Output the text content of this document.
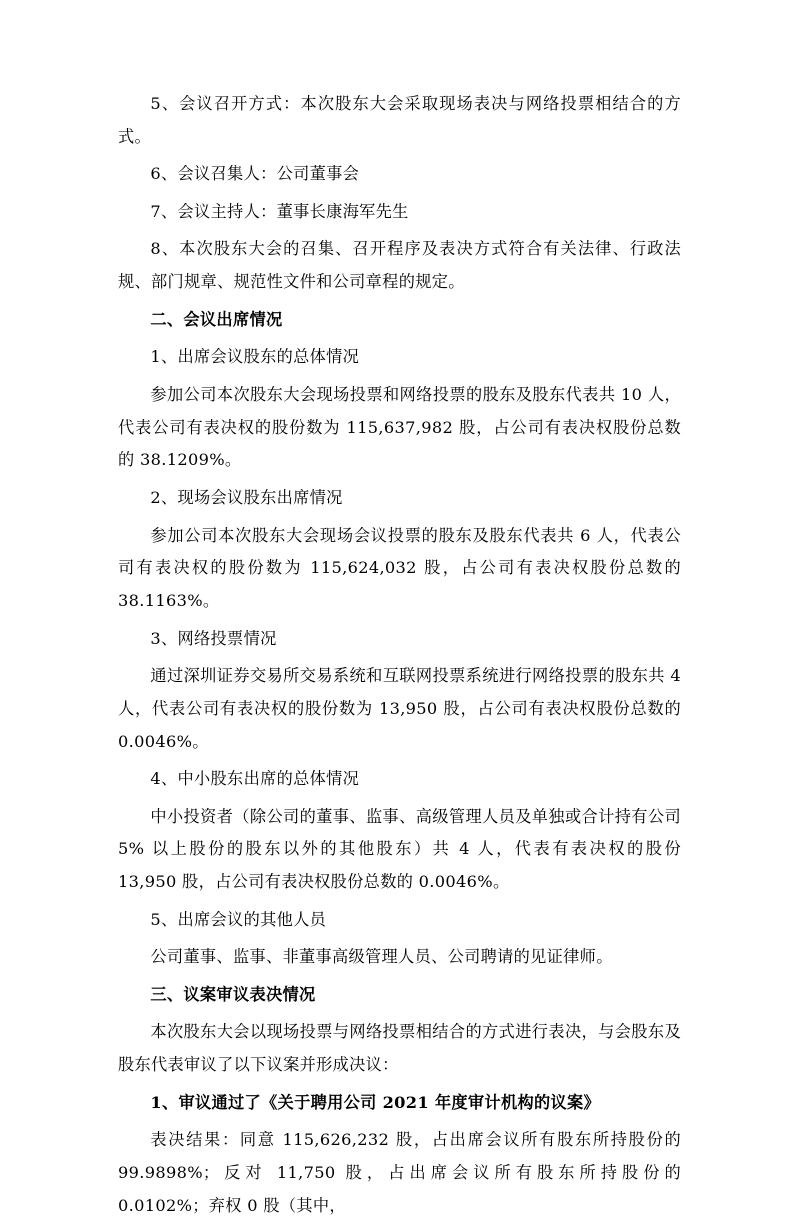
5、会议召开方式：本次股东大会采取现场表决与网络投票相结合的方式。

6、会议召集人：公司董事会

7、会议主持人：董事长康海军先生

8、本次股东大会的召集、召开程序及表决方式符合有关法律、行政法规、部门规章、规范性文件和公司章程的规定。

二、会议出席情况

1、出席会议股东的总体情况

参加公司本次股东大会现场投票和网络投票的股东及股东代表共 10 人，代表公司有表决权的股份数为 115,637,982 股，占公司有表决权股份总数的 38.1209%。

2、现场会议股东出席情况

参加公司本次股东大会现场会议投票的股东及股东代表共 6 人，代表公司有表决权的股份数为 115,624,032 股，占公司有表决权股份总数的 38.1163%。

3、网络投票情况

通过深圳证券交易所交易系统和互联网投票系统进行网络投票的股东共 4 人，代表公司有表决权的股份数为 13,950 股，占公司有表决权股份总数的 0.0046%。

4、中小股东出席的总体情况

中小投资者（除公司的董事、监事、高级管理人员及单独或合计持有公司 5% 以上股份的股东以外的其他股东）共 4 人，代表有表决权的股份 13,950 股，占公司有表决权股份总数的 0.0046%。

5、出席会议的其他人员

公司董事、监事、非董事高级管理人员、公司聘请的见证律师。

三、议案审议表决情况

本次股东大会以现场投票与网络投票相结合的方式进行表决，与会股东及股东代表审议了以下议案并形成决议：

1、审议通过了《关于聘用公司 2021 年度审计机构的议案》

表决结果：同意 115,626,232 股，占出席会议所有股东所持股份的 99.9898%；反对 11,750 股，占出席会议所有股东所持股份的 0.0102%；弃权 0 股（其中，
